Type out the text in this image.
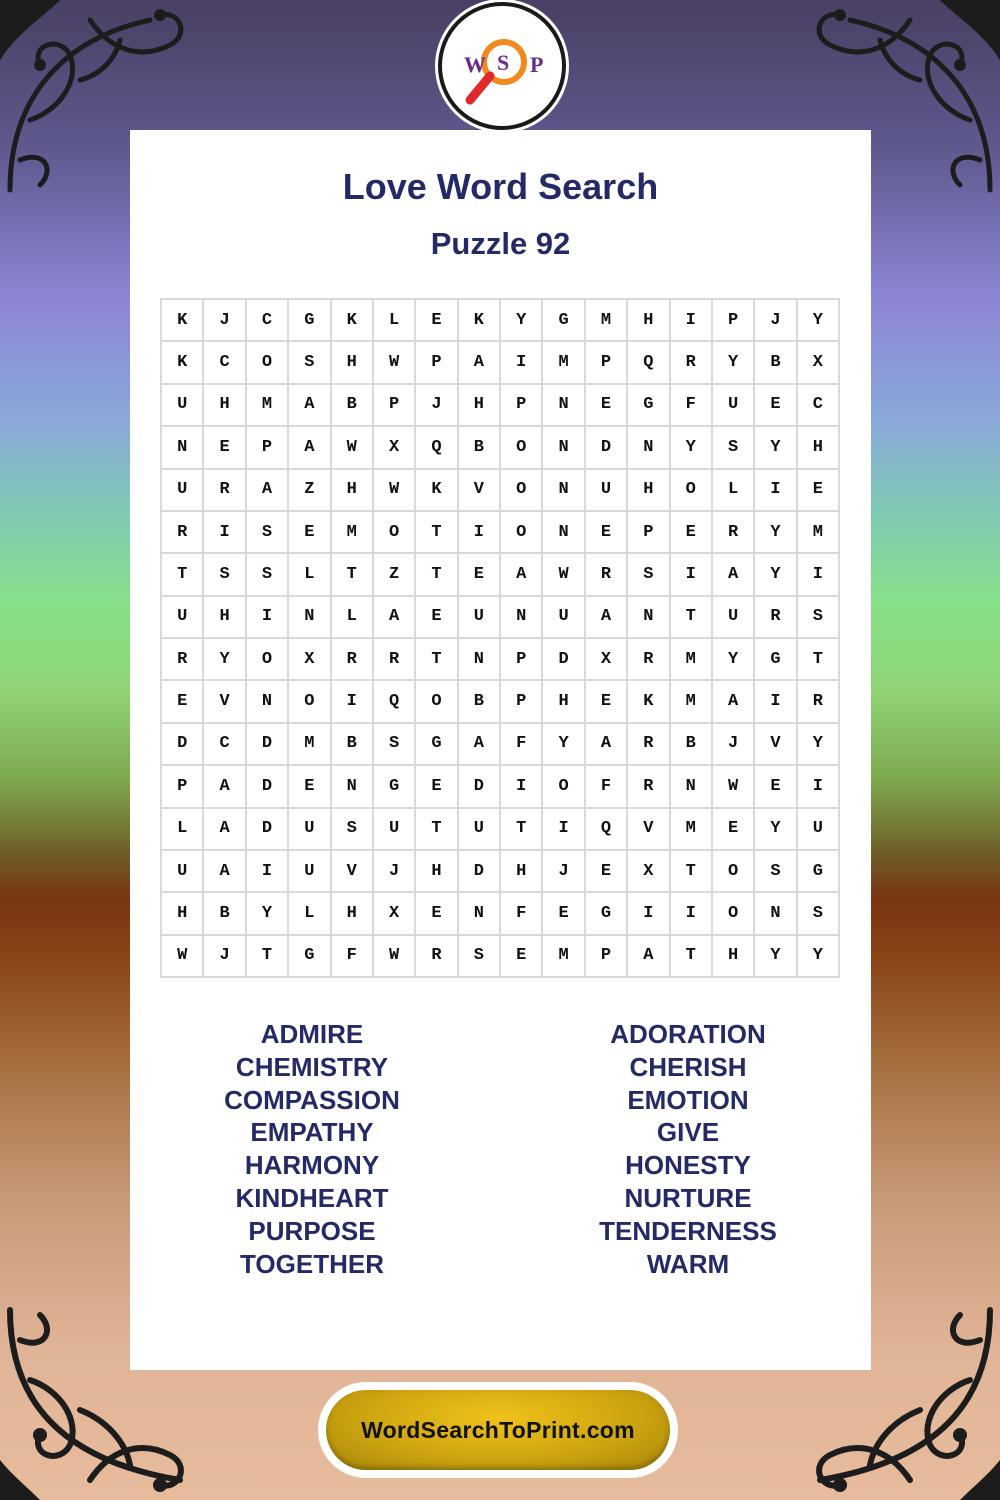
Love Word Search
Puzzle 92
K	J	C	G	K	L	E	K	Y	G	M	H	I	P	J	Y
K	C	O	S	H	W	P	A	I	M	P	Q	R	Y	B	X
U	H	M	A	B	P	J	H	P	N	E	G	F	U	E	C
N	E	P	A	W	X	Q	B	O	N	D	N	Y	S	Y	H
U	R	A	Z	H	W	K	V	O	N	U	H	O	L	I	E
R	I	S	E	M	O	T	I	O	N	E	P	E	R	Y	M
T	S	S	L	T	Z	T	E	A	W	R	S	I	A	Y	I
U	H	I	N	L	A	E	U	N	U	A	N	T	U	R	S
R	Y	O	X	R	R	T	N	P	D	X	R	M	Y	G	T
E	V	N	O	I	Q	O	B	P	H	E	K	M	A	I	R
D	C	D	M	B	S	G	A	F	Y	A	R	B	J	V	Y
P	A	D	E	N	G	E	D	I	O	F	R	N	W	E	I
L	A	D	U	S	U	T	U	T	I	Q	V	M	E	Y	U
U	A	I	U	V	J	H	D	H	J	E	X	T	O	S	G
H	B	Y	L	H	X	E	N	F	E	G	I	I	O	N	S
W	J	T	G	F	W	R	S	E	M	P	A	T	H	Y	Y
ADMIRE
CHEMISTRY
COMPASSION
EMPATHY
HARMONY
KINDHEART
PURPOSE
TOGETHER
ADORATION
CHERISH
EMOTION
GIVE
HONESTY
NURTURE
TENDERNESS
WARM
W S P
WordSearchToPrint.com
